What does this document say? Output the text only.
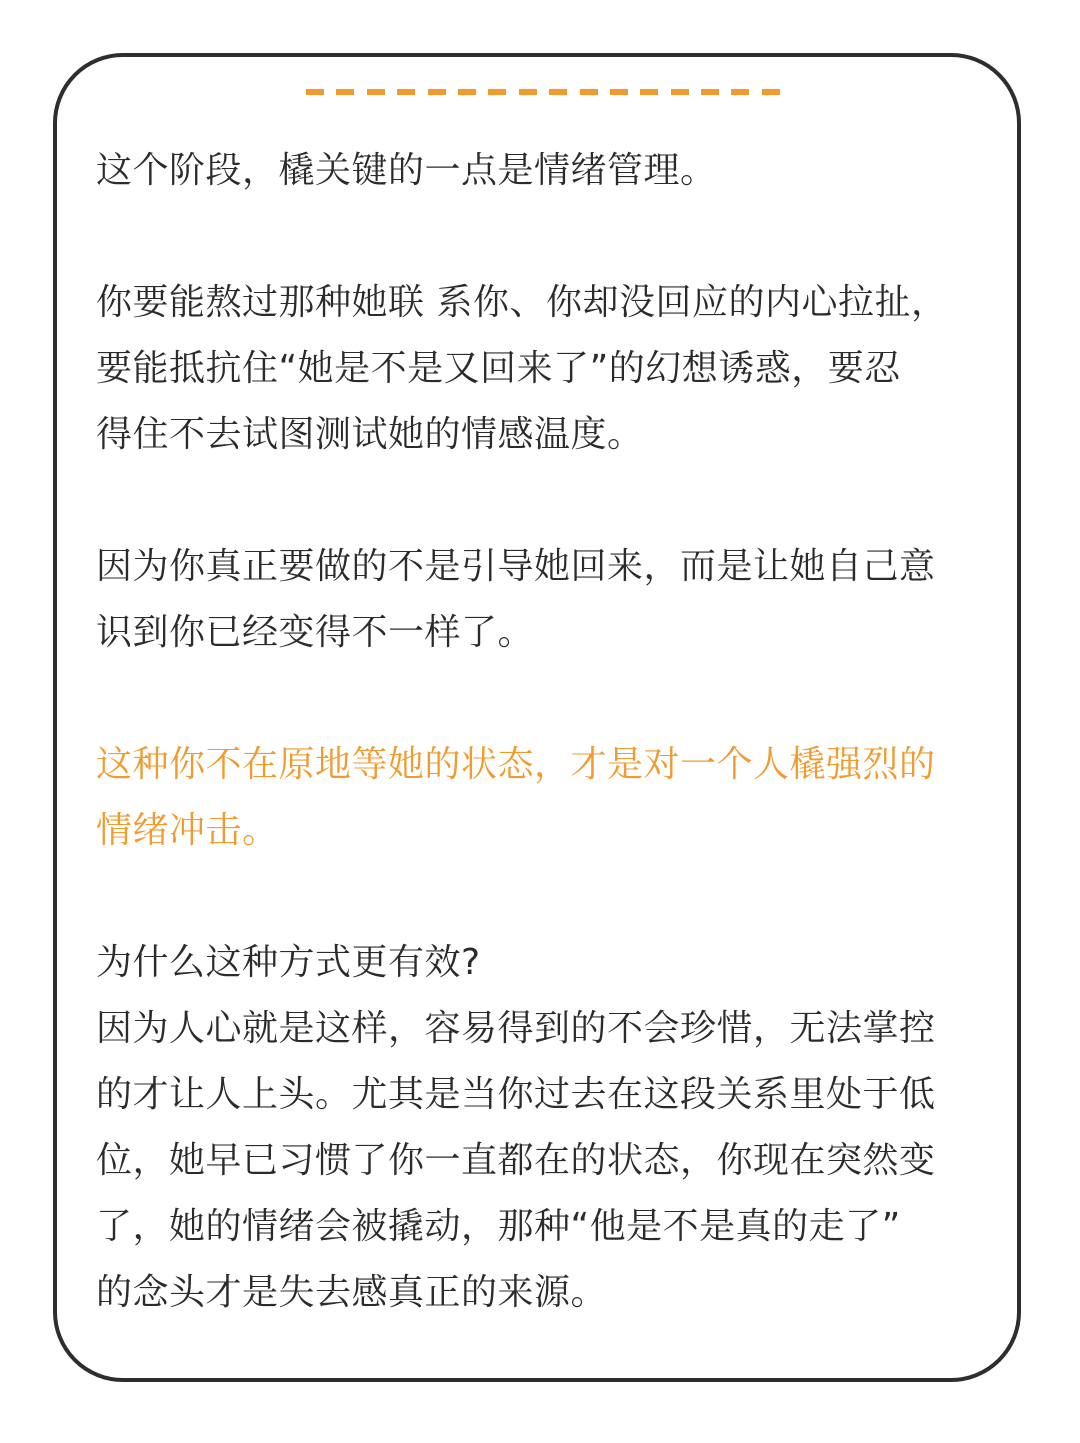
这个阶段，橇关键的一点是情绪管理。

你要能熬过那种她联 系你、你却没回应的内心拉扯，

要能抵抗住“她是不是又回来了”的幻想诱惑，要忍

得住不去试图测试她的情感温度。

因为你真正要做的不是引导她回来，而是让她自己意

识到你已经变得不一样了。

这种你不在原地等她的状态，才是对一个人橇强烈的

情绪冲击。

为什么这种方式更有效?

因为人心就是这样，容易得到的不会珍惜，无法掌控

的才让人上头。尤其是当你过去在这段关系里处于低

位，她早已习惯了你一直都在的状态，你现在突然变

了，她的情绪会被撬动，那种“他是不是真的走了”

的念头才是失去感真正的来源。
